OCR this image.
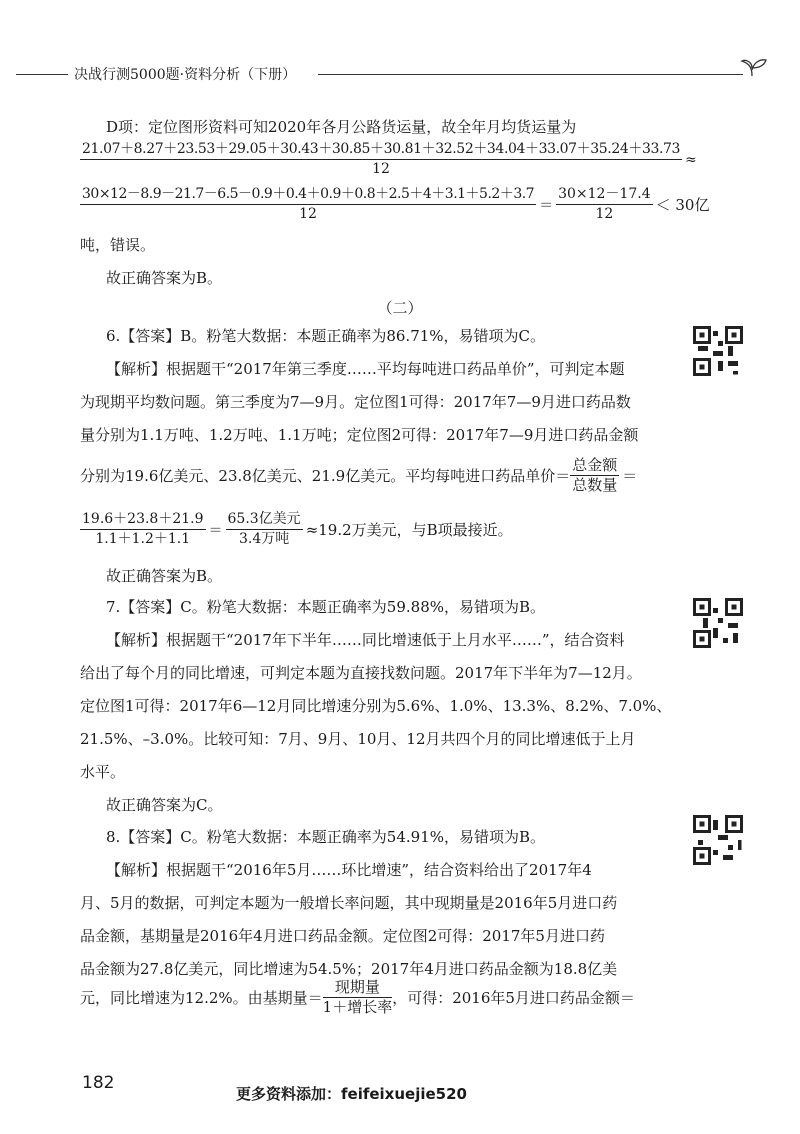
决战行测5000题·资料分析（下册）
D项：定位图形资料可知2020年各月公路货运量，故全年月均货运量为
21.07＋8.27＋23.53＋29.05＋30.43＋30.85＋30.81＋32.52＋34.04＋33.07＋35.24＋33.73
12
≈
$\frac{30\times 12-8.9-21.7-6.5-0.9+0.4+0.9+0.8+2.5+4+3.1+5.2+3.7}{12} = \frac{30\times 12-17.4}{12} < 30$亿
吨，错误。
故正确答案为B。
（二）
6.【答案】B。粉笔大数据：本题正确率为86.71%，易错项为C。
【解析】根据题干“2017年第三季度……平均每吨进口药品单价”，可判定本题
为现期平均数问题。第三季度为7—9月。定位图1可得：2017年7—9月进口药品数
量分别为1.1万吨、1.2万吨、1.1万吨；定位图2可得：2017年7—9月进口药品金额
分别为19.6亿美元、23.8亿美元、21.9亿美元。平均每吨进口药品单价＝ $\frac{\text{总金额}}{\text{总数量}}$ ＝
$\frac{19.6+23.8+21.9}{1.1+1.2+1.1} = \frac{\text{65.3亿美元}}{\text{3.4万吨}} \approx 19.2$万美元，与B项最接近。
故正确答案为B。
7.【答案】C。粉笔大数据：本题正确率为59.88%，易错项为B。
【解析】根据题干“2017年下半年……同比增速低于上月水平……”，结合资料
给出了每个月的同比增速，可判定本题为直接找数问题。2017年下半年为7—12月。
定位图1可得：2017年6—12月同比增速分别为5.6%、1.0%、13.3%、8.2%、7.0%、
21.5%、–3.0%。比较可知：7月、9月、10月、12月共四个月的同比增速低于上月
水平。
故正确答案为C。
8.【答案】C。粉笔大数据：本题正确率为54.91%，易错项为B。
【解析】根据题干“2016年5月……环比增速”，结合资料给出了2017年4
月、5月的数据，可判定本题为一般增长率问题，其中现期量是2016年5月进口药
品金额，基期量是2016年4月进口药品金额。定位图2可得：2017年5月进口药
品金额为27.8亿美元，同比增速为54.5%；2017年4月进口药品金额为18.8亿美
元，同比增速为12.2%。由基期量＝ $\frac{\text{现期量}}{\text{1＋增长率}}$ ，可得：2016年5月进口药品金额＝
182
更多资料添加：feifeixuejie520
